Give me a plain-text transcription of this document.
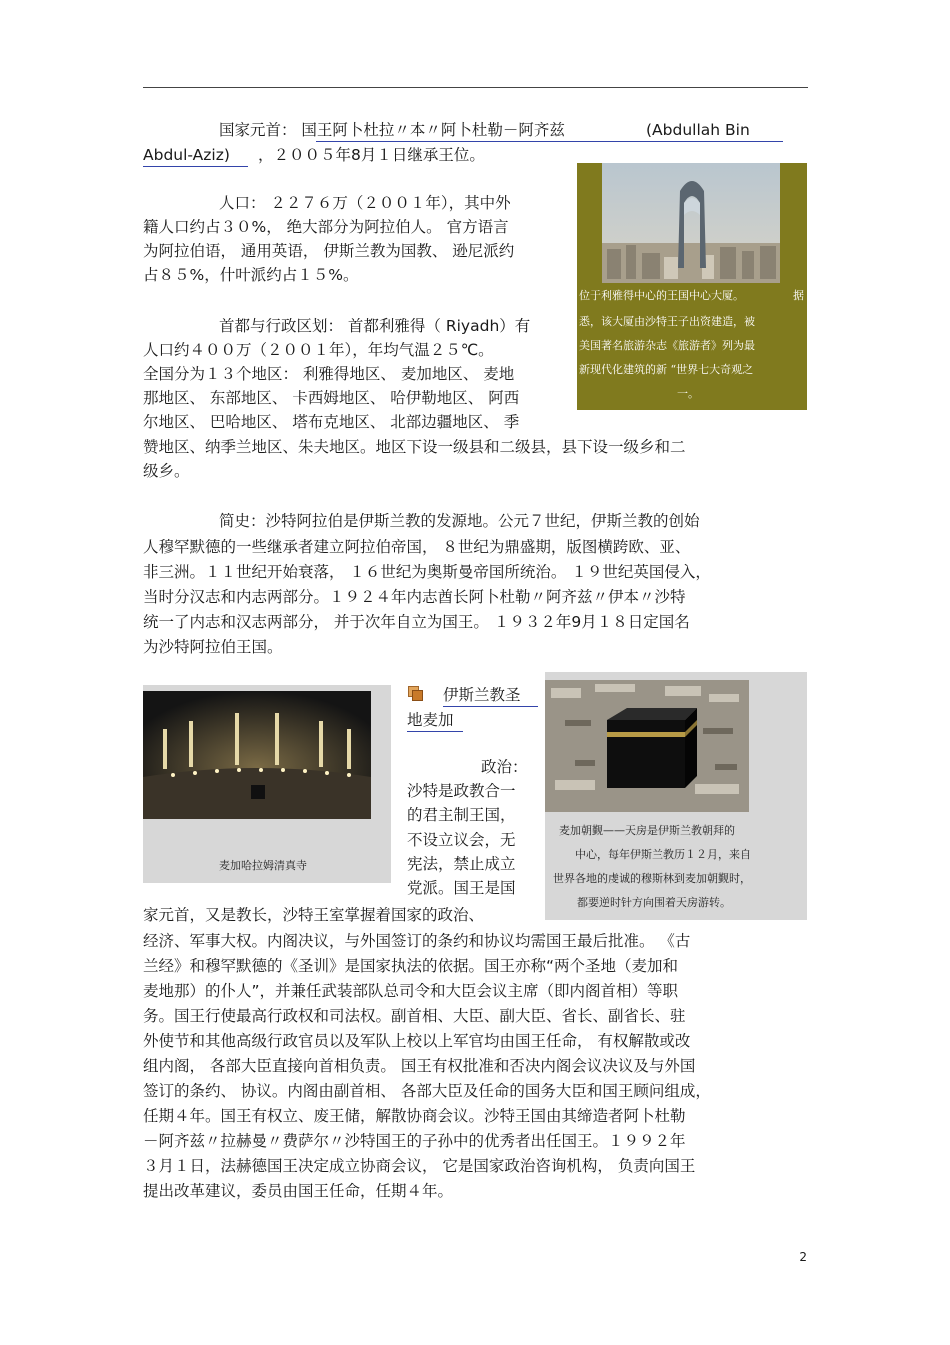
国家元首： 国王阿卜杜拉〃本〃阿卜杜勒－阿齐兹	(Abdullah Bin
Abdul-Aziz) ，２００５年8月１日继承王位。
人口： ２２７６万（２００１年），其中外
籍人口约占３０%， 绝大部分为阿拉伯人。 官方语言
为阿拉伯语， 通用英语， 伊斯兰教为国教、 逊尼派约
占８５%，什叶派约占１５%。
位于利雅得中心的王国中心大厦。	据
悉，该大厦由沙特王子出资建造，被
美国著名旅游杂志《旅游者》列为最
新现代化建筑的新 “世界七大奇观之
一。
首都与行政区划： 首都利雅得（ Riyadh）有
人口约４００万（２００１年），年均气温２５℃。
全国分为１３个地区： 利雅得地区、 麦加地区、 麦地
那地区、 东部地区、 卡西姆地区、 哈伊勒地区、 阿西
尔地区、 巴哈地区、 塔布克地区、 北部边疆地区、 季
赞地区、纳季兰地区、朱夫地区。地区下设一级县和二级县，县下设一级乡和二
级乡。
简史：沙特阿拉伯是伊斯兰教的发源地。公元７世纪，伊斯兰教的创始
人穆罕默德的一些继承者建立阿拉伯帝国， ８世纪为鼎盛期，版图横跨欧、亚、
非三洲。１１世纪开始衰落， １６世纪为奥斯曼帝国所统治。 １９世纪英国侵入，
当时分汉志和内志两部分。１９２４年内志酋长阿卜杜勒〃阿齐兹〃伊本〃沙特
统一了内志和汉志两部分， 并于次年自立为国王。 １９３２年9月１８日定国名
为沙特阿拉伯王国。
麦加哈拉姆清真寺
伊斯兰教圣
地麦加
政治：
沙特是政教合一
的君主制王国，
不设立议会，无
宪法，禁止成立
党派。国王是国
麦加朝觐——天房是伊斯兰教朝拜的
中心，每年伊斯兰教历１２月，来自
世界各地的虔诚的穆斯林到麦加朝觐时，
都要逆时针方向围着天房游转。
家元首，又是教长，沙特王室掌握着国家的政治、
经济、军事大权。内阁决议，与外国签订的条约和协议均需国王最后批准。 《古
兰经》和穆罕默德的《圣训》是国家执法的依据。国王亦称“两个圣地（麦加和
麦地那）的仆人”，并兼任武装部队总司令和大臣会议主席（即内阁首相）等职
务。国王行使最高行政权和司法权。副首相、大臣、副大臣、省长、副省长、驻
外使节和其他高级行政官员以及军队上校以上军官均由国王任命， 有权解散或改
组内阁， 各部大臣直接向首相负责。 国王有权批准和否决内阁会议决议及与外国
签订的条约、 协议。内阁由副首相、 各部大臣及任命的国务大臣和国王顾问组成，
任期４年。国王有权立、废王储，解散协商会议。沙特王国由其缔造者阿卜杜勒
－阿齐兹〃拉赫曼〃费萨尔〃沙特国王的子孙中的优秀者出任国王。１９９２年
３月１日，法赫德国王决定成立协商会议， 它是国家政治咨询机构， 负责向国王
提出改革建议，委员由国王任命，任期４年。
2
